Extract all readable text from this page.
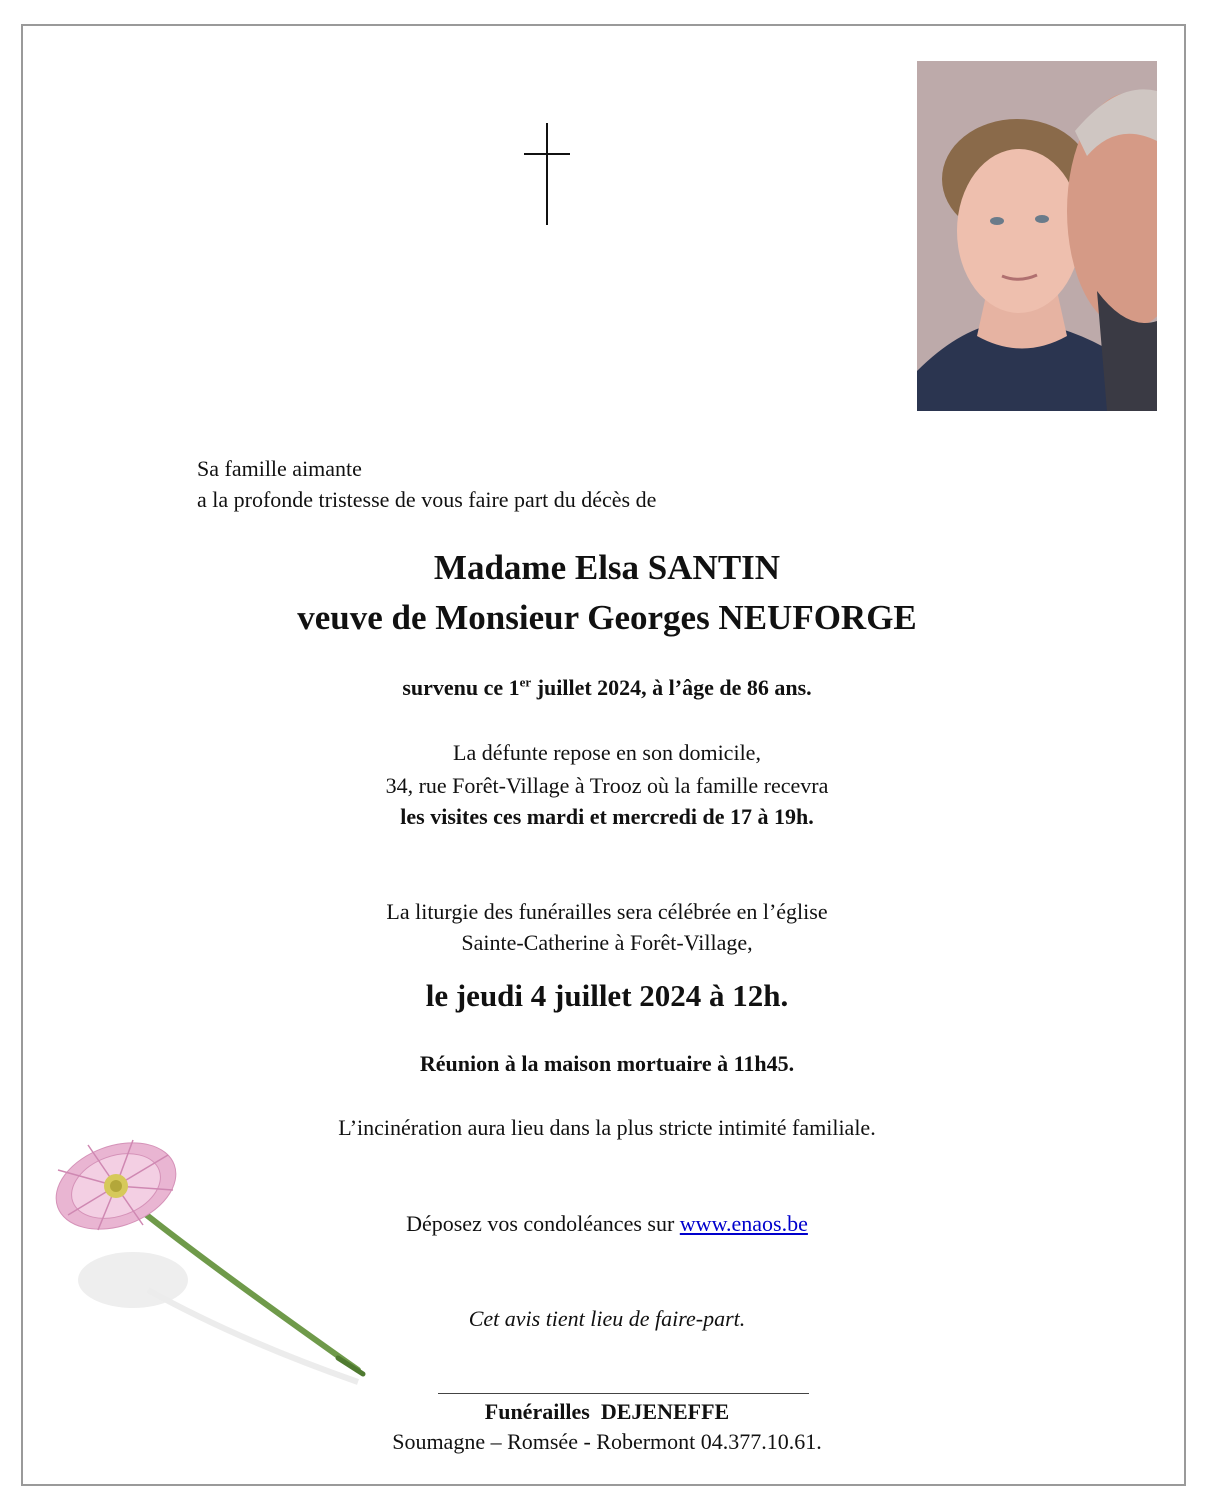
Sa famille aimante
a la profonde tristesse de vous faire part du décès de
Madame Elsa SANTIN
veuve de Monsieur Georges NEUFORGE
survenu ce 1er juillet 2024, à l’âge de 86 ans.
La défunte repose en son domicile,
34, rue Forêt-Village à Trooz où la famille recevra
les visites ces mardi et mercredi de 17 à 19h.
La liturgie des funérailles sera célébrée en l’église
Sainte-Catherine à Forêt-Village,
le jeudi 4 juillet 2024 à 12h.
Réunion à la maison mortuaire à 11h45.
L’incinération aura lieu dans la plus stricte intimité familiale.
Déposez vos condoléances sur www.enaos.be
Cet avis tient lieu de faire-part.
Funérailles  DEJENEFFE
Soumagne – Romsée - Robermont 04.377.10.61.
